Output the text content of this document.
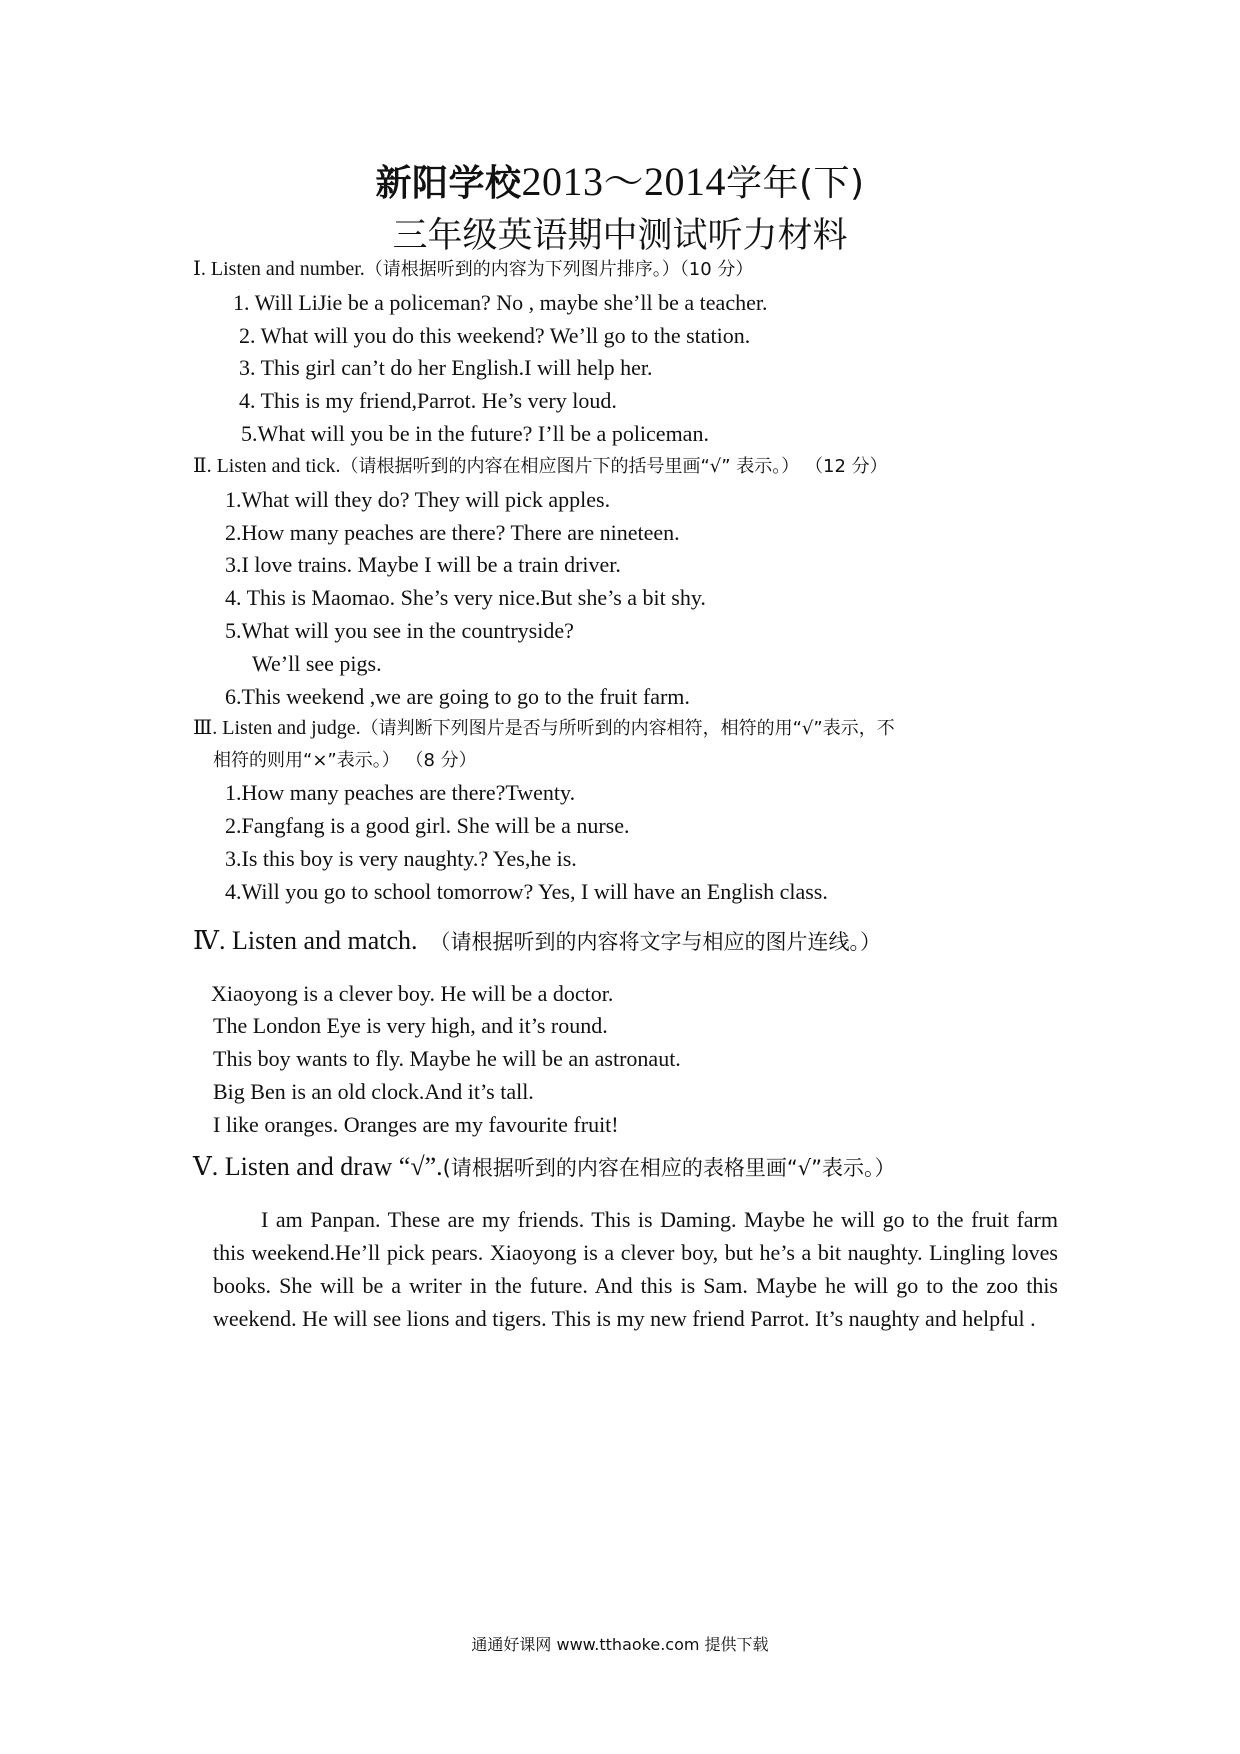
新阳学校2013～2014学年(下)
三年级英语期中测试听力材料
Ⅰ. Listen and number.（请根据听到的内容为下列图片排序。）（10 分）
1. Will LiJie be a policeman? No , maybe she’ll be a teacher.
2. What will you do this weekend? We’ll go to the station.
3. This girl can’t do her English.I will help her.
4. This is my friend,Parrot. He’s very loud.
5.What will you be in the future? I’ll be a policeman.
Ⅱ. Listen and tick.（请根据听到的内容在相应图片下的括号里画“√” 表示。） （12 分）
1.What will they do? They will pick apples.
2.How many peaches are there? There are nineteen.
3.I love trains. Maybe I will be a train driver.
4. This is Maomao. She’s very nice.But she’s a bit shy.
5.What will you see in the countryside?
We’ll see pigs.
6.This weekend ,we are going to go to the fruit farm.
Ⅲ. Listen and judge.（请判断下列图片是否与所听到的内容相符，相符的用“√”表示，不
相符的则用“×”表示。） （8 分）
1.How many peaches are there?Twenty.
2.Fangfang is a good girl. She will be a nurse.
3.Is this boy is very naughty.? Yes,he is.
4.Will you go to school tomorrow? Yes, I will have an English class.
Ⅳ. Listen and match. （请根据听到的内容将文字与相应的图片连线。）
Xiaoyong is a clever boy. He will be a doctor.
The London Eye is very high, and it’s round.
This boy wants to fly. Maybe he will be an astronaut.
Big Ben is an old clock.And it’s tall.
I like oranges. Oranges are my favourite fruit!
Ⅴ. Listen and draw “√”.(请根据听到的内容在相应的表格里画“√”表示。）
I am Panpan. These are my friends. This is Daming. Maybe he will go to the fruit farm this weekend.He’ll pick pears. Xiaoyong is a clever boy, but he’s a bit naughty. Lingling loves books. She will be a writer in the future. And this is Sam. Maybe he will go to the zoo this weekend. He will see lions and tigers. This is my new friend Parrot. It’s naughty and helpful .
通通好课网 www.tthaoke.com 提供下载
